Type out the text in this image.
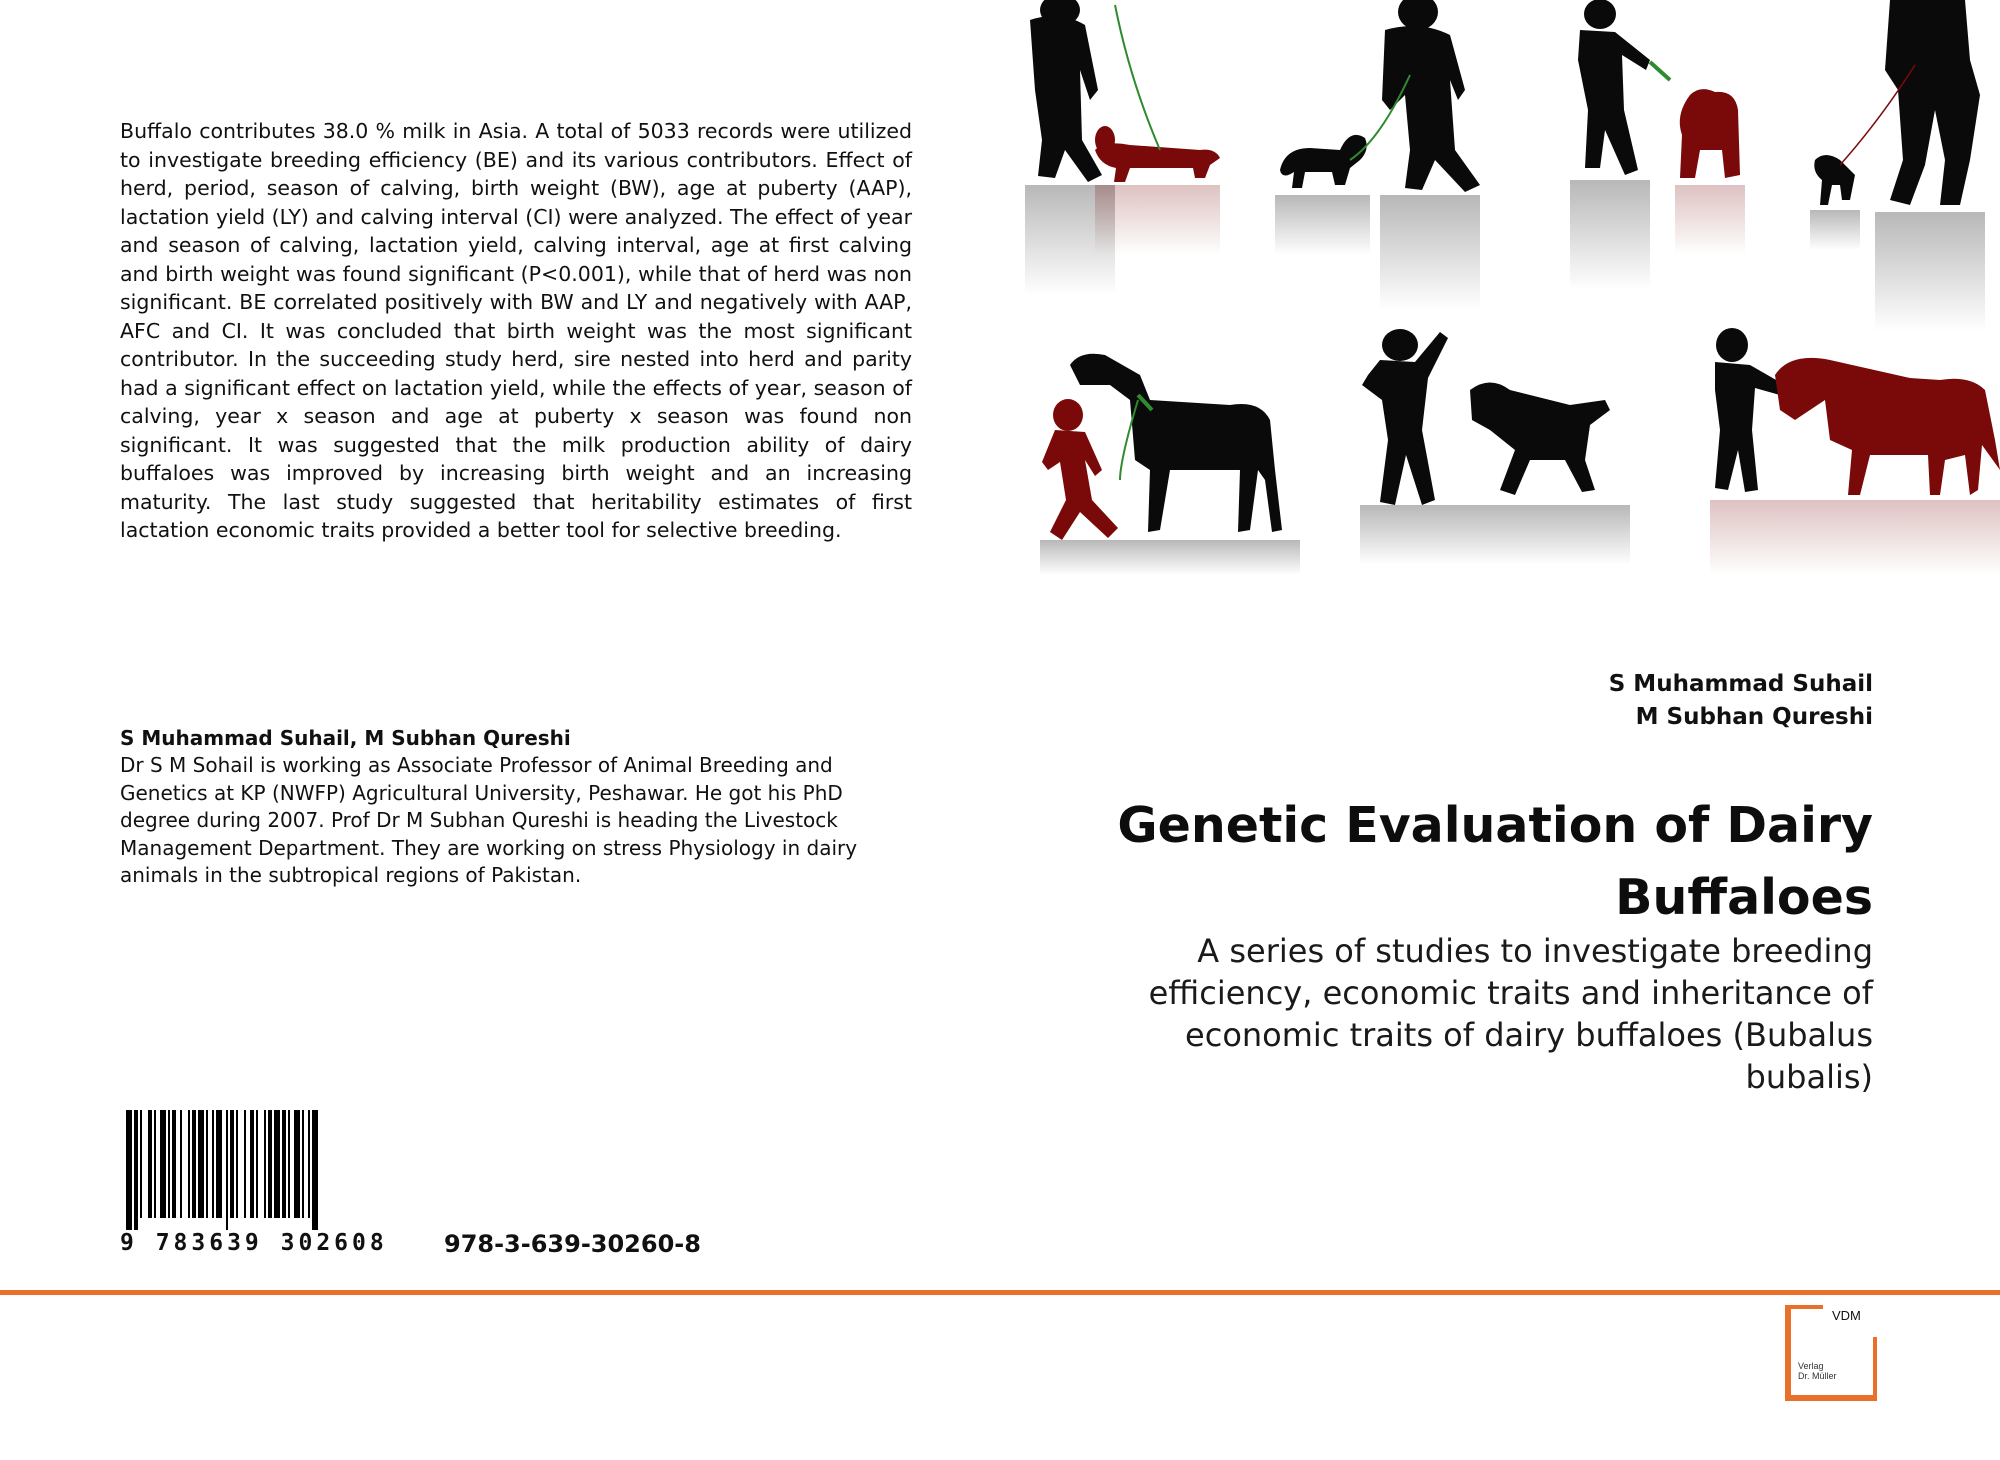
Buffalo contributes 38.0 % milk in Asia. A total of 5033 records were utilized to investigate breeding efficiency (BE) and its various contributors. Effect of herd, period, season of calving, birth weight (BW), age at puberty (AAP), lactation yield (LY) and calving interval (CI) were analyzed. The effect of year and season of calving, lactation yield, calving interval, age at first calving and birth weight was found significant (P<0.001), while that of herd was non significant. BE correlated positively with BW and LY and negatively with AAP, AFC and CI. It was concluded that birth weight was the most significant contributor. In the succeeding study herd, sire nested into herd and parity had a significant effect on lactation yield, while the effects of year, season of calving, year x season and age at puberty x season was found non significant. It was suggested that the milk production ability of dairy buffaloes was improved by increasing birth weight and an increasing maturity. The last study suggested that heritability estimates of first lactation economic traits provided a better tool for selective breeding.
S Muhammad Suhail, M Subhan Qureshi
Dr S M Sohail is working as Associate Professor of Animal Breeding and Genetics at KP (NWFP) Agricultural University, Peshawar. He got his PhD degree during 2007. Prof Dr M Subhan Qureshi is heading the Livestock Management Department. They are working on stress Physiology in dairy animals in the subtropical regions of Pakistan.
9 783639 302608	978-3-639-30260-8
S Muhammad Suhail
M Subhan Qureshi
Genetic Evaluation of Dairy Buffaloes
A series of studies to investigate breeding efficiency, economic traits and inheritance of economic traits of dairy buffaloes (Bubalus bubalis)
VDM
Verlag
Dr. Müller
